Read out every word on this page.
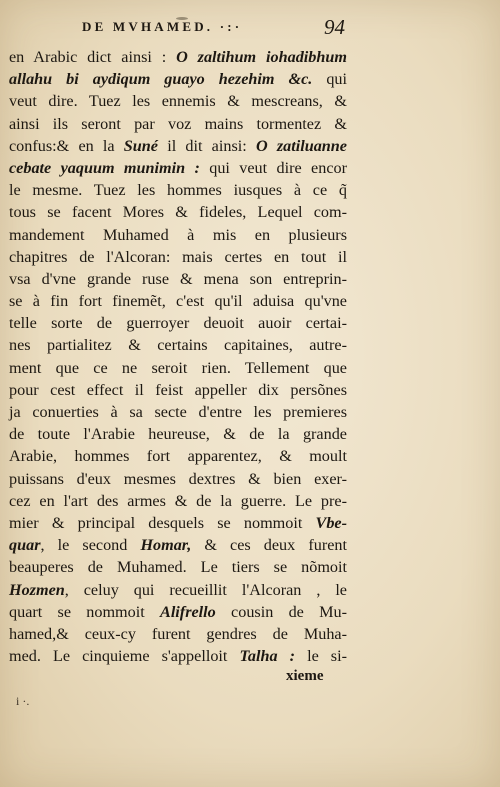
DE MVHAMED. ·:·	94
en Arabic dict ainsi : O zaltihum iohadibhum
allahu bi aydiqum guayo hezehim &c. qui
veut dire. Tuez les ennemis & mescreans, &
ainsi ils seront par voz mains tormentez &
confus:& en la Suné il dit ainsi: O zatiluanne
cebate yaquum munimin : qui veut dire encor
le mesme. Tuez les hommes iusques à ce q̃
tous se facent Mores & fideles, Lequel com-
mandement Muhamed à mis en plusieurs
chapitres de l'Alcoran: mais certes en tout il
vsa d'vne grande ruse & mena son entreprin-
se à fin fort finemẽt, c'est qu'il aduisa qu'vne
telle sorte de guerroyer deuoit auoir certai-
nes partialitez & certains capitaines, autre-
ment que ce ne seroit rien. Tellement que
pour cest effect il feist appeller dix persõnes
ja conuerties à sa secte d'entre les premieres
de toute l'Arabie heureuse, & de la grande
Arabie, hommes fort apparentez, & moult
puissans d'eux mesmes dextres & bien exer-
cez en l'art des armes & de la guerre. Le pre-
mier & principal desquels se nommoit Vbe-
quar, le second Homar, & ces deux furent
beauperes de Muhamed. Le tiers se nõmoit
Hozmen, celuy qui recueillit l'Alcoran , le
quart se nommoit Alifrello cousin de Mu-
hamed,& ceux-cy furent gendres de Muha-
med. Le cinquieme s'appelloit Talha : le si-
xieme
i ·.
